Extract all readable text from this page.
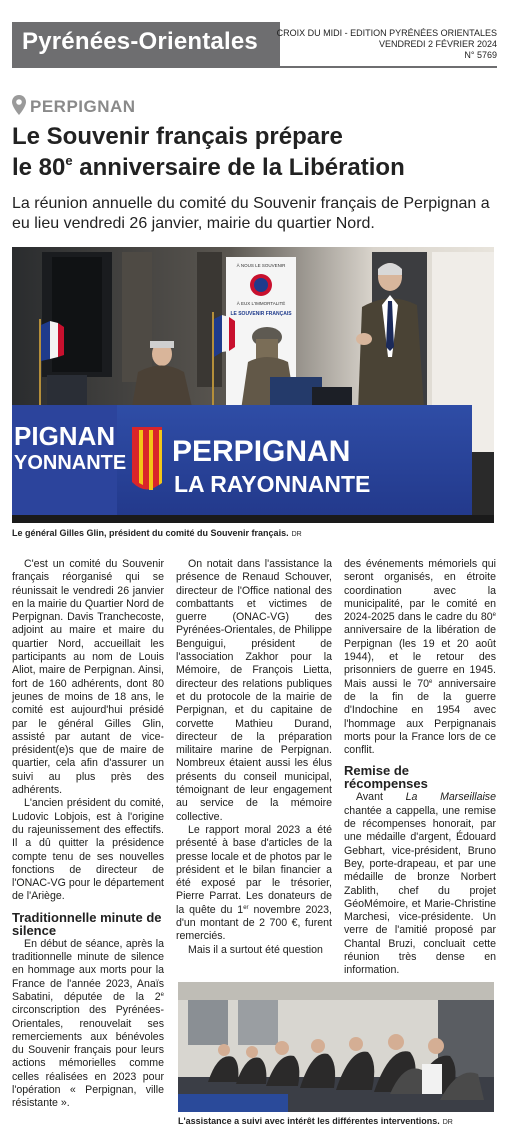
Pyrénées-Orientales CROIX DU MIDI - EDITION PYRÉNÉES ORIENTALES
VENDREDI 2 FÉVRIER 2024
N° 5769
PERPIGNAN
Le Souvenir français prépare
le 80e anniversaire de la Libération

La réunion annuelle du comité du Souvenir français de Perpignan a eu lieu vendredi 26 janvier, mairie du quartier Nord.

À NOUS LE SOUVENIR
À EUX L'IMMORTALITÉ
LE SOUVENIR FRANÇAIS
PIGNAN
YONNANTE PERPIGNAN
LA RAYONNANTE
Le général Gilles Glin, président du comité du Souvenir français. DR

C'est un comité du Souvenir français réorganisé qui se réunissait le vendredi 26 janvier en la mairie du Quartier Nord de Perpignan. Davis Tranchecoste, adjoint au maire et maire du quartier Nord, accueillait les participants au nom de Louis Aliot, maire de Perpignan. Ainsi, fort de 160 adhérents, dont 80 jeunes de moins de 18 ans, le comité est aujourd'hui présidé par le général Gilles Glin, assisté par autant de vice-président(e)s que de maire de quartier, cela afin d'assurer un suivi au plus près des adhérents.

L'ancien président du comité, Ludovic Lobjois, est à l'origine du rajeunissement des effectifs. Il a dû quitter la présidence compte tenu de ses nouvelles fonctions de directeur de l'ONAC-VG pour le département de l'Ariège.

Traditionnelle minute de silence

En début de séance, après la traditionnelle minute de silence en hommage aux morts pour la France de l'année 2023, Anaïs Sabatini, députée de la 2e circonscription des Pyrénées-Orientales, renouvelait ses remerciements aux bénévoles du Souvenir français pour leurs actions mémorielles comme celles réalisées en 2023 pour l'opération « Perpignan, ville résistante ».

On notait dans l'assistance la présence de Renaud Schouver, directeur de l'Office national des combattants et victimes de guerre (ONAC-VG) des Pyrénées-Orientales, de Philippe Benguigui, président de l'association Zakhor pour la Mémoire, de François Lietta, directeur des relations publiques et du protocole de la mairie de Perpignan, et du capitaine de corvette Mathieu Durand, directeur de la préparation militaire marine de Perpignan. Nombreux étaient aussi les élus présents du conseil municipal, témoignant de leur engagement au service de la mémoire collective.

Le rapport moral 2023 a été présenté à base d'articles de la presse locale et de photos par le président et le bilan financier a été exposé par le trésorier, Pierre Parrat. Les donateurs de la quête du 1er novembre 2023, d'un montant de 2 700 €, furent remerciés.

Mais il a surtout été question

des événements mémoriels qui seront organisés, en étroite coordination avec la municipalité, par le comité en 2024-2025 dans le cadre du 80e anniversaire de la libération de Perpignan (les 19 et 20 août 1944), et le retour des prisonniers de guerre en 1945. Mais aussi le 70e anniversaire de la fin de la guerre d'Indochine en 1954 avec l'hommage aux Perpignanais morts pour la France lors de ce conflit.

Remise de récompenses

Avant La Marseillaise chantée a cappella, une remise de récompenses honorait, par une médaille d'argent, Édouard Gebhart, vice-président, Bruno Bey, porte-drapeau, et par une médaille de bronze Norbert Zablith, chef du projet GéoMémoire, et Marie-Christine Marchesi, vice-présidente. Un verre de l'amitié proposé par Chantal Bruzi, concluait cette réunion très dense en information.

L'assistance a suivi avec intérêt les différentes interventions. DR
